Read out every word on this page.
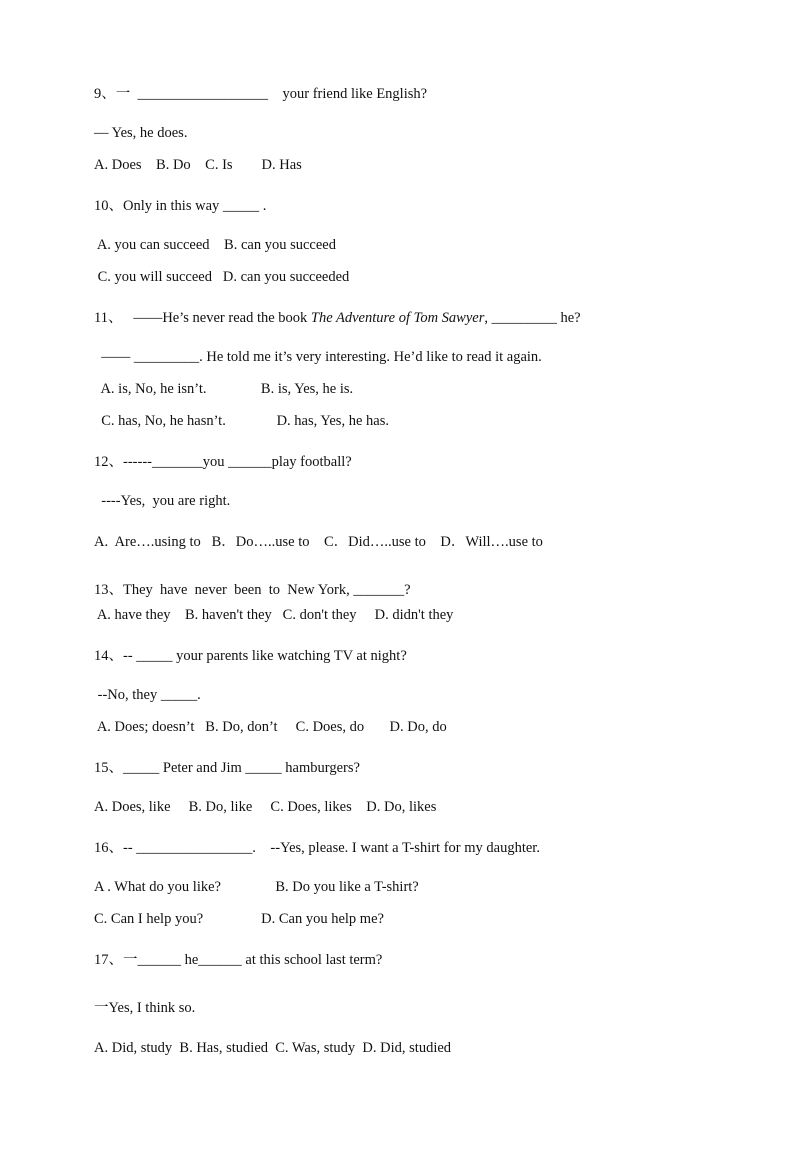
9、一  __________________    your friend like English?
— Yes, he does.
A. Does    B. Do    C. Is        D. Has
10、Only in this way _____ .
A. you can succeed    B. can you succeed
C. you will succeed   D. can you succeeded
11、   ——He’s never read the book The Adventure of Tom Sawyer, _________ he?
—— _________. He told me it’s very interesting. He’d like to read it again.
A. is, No, he isn’t.               B. is, Yes, he is.
C. has, No, he hasn’t.              D. has, Yes, he has.
12、------_______you ______play football?
----Yes,  you are right.
A.  Are….using to   B．Do…..use to    C．Did…..use to    D．Will….use to
13、They  have  never  been  to  New York, _______?
A. have they    B. haven't they   C. don't they     D. didn't they
14、-- _____ your parents like watching TV at night?
--No, they _____.
A. Does; doesn’t   B. Do, don’t     C. Does, do       D. Do, do
15、_____ Peter and Jim _____ hamburgers?
A. Does, like     B. Do, like     C. Does, likes    D. Do, likes
16、-- ________________.    --Yes, please. I want a T-shirt for my daughter.
A . What do you like?               B. Do you like a T-shirt?
C. Can I help you?                D. Can you help me?
17、一______ he______ at this school last term?
一Yes, I think so.
A. Did, study  B. Has, studied  C. Was, study  D. Did, studied
